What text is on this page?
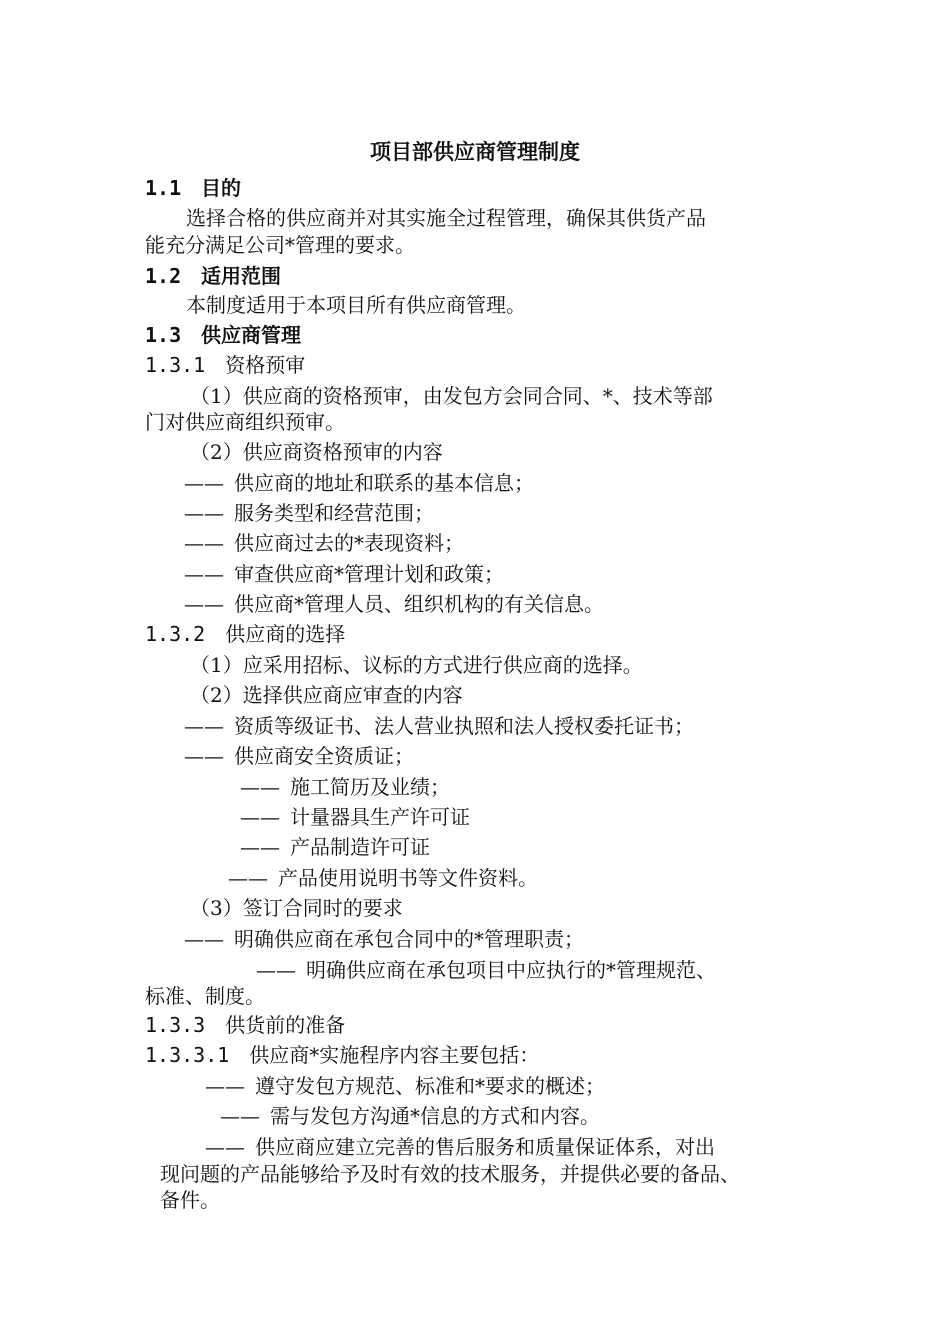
项目部供应商管理制度
1.1 目的
选择合格的供应商并对其实施全过程管理，确保其供货产品
能充分满足公司*管理的要求。
1.2 适用范围
本制度适用于本项目所有供应商管理。
1.3 供应商管理
1.3.1 资格预审
（1）供应商的资格预审，由发包方会同合同、*、技术等部
门对供应商组织预审。
（2）供应商资格预审的内容
—— 供应商的地址和联系的基本信息；
—— 服务类型和经营范围；
—— 供应商过去的*表现资料；
—— 审查供应商*管理计划和政策；
—— 供应商*管理人员、组织机构的有关信息。
1.3.2 供应商的选择
（1）应采用招标、议标的方式进行供应商的选择。
（2）选择供应商应审查的内容
—— 资质等级证书、法人营业执照和法人授权委托证书；
—— 供应商安全资质证；
—— 施工简历及业绩；
—— 计量器具生产许可证
—— 产品制造许可证
—— 产品使用说明书等文件资料。
（3）签订合同时的要求
—— 明确供应商在承包合同中的*管理职责；
—— 明确供应商在承包项目中应执行的*管理规范、
标准、制度。
1.3.3 供货前的准备
1.3.3.1 供应商*实施程序内容主要包括：
—— 遵守发包方规范、标准和*要求的概述；
—— 需与发包方沟通*信息的方式和内容。
—— 供应商应建立完善的售后服务和质量保证体系，对出
现问题的产品能够给予及时有效的技术服务，并提供必要的备品、
备件。
